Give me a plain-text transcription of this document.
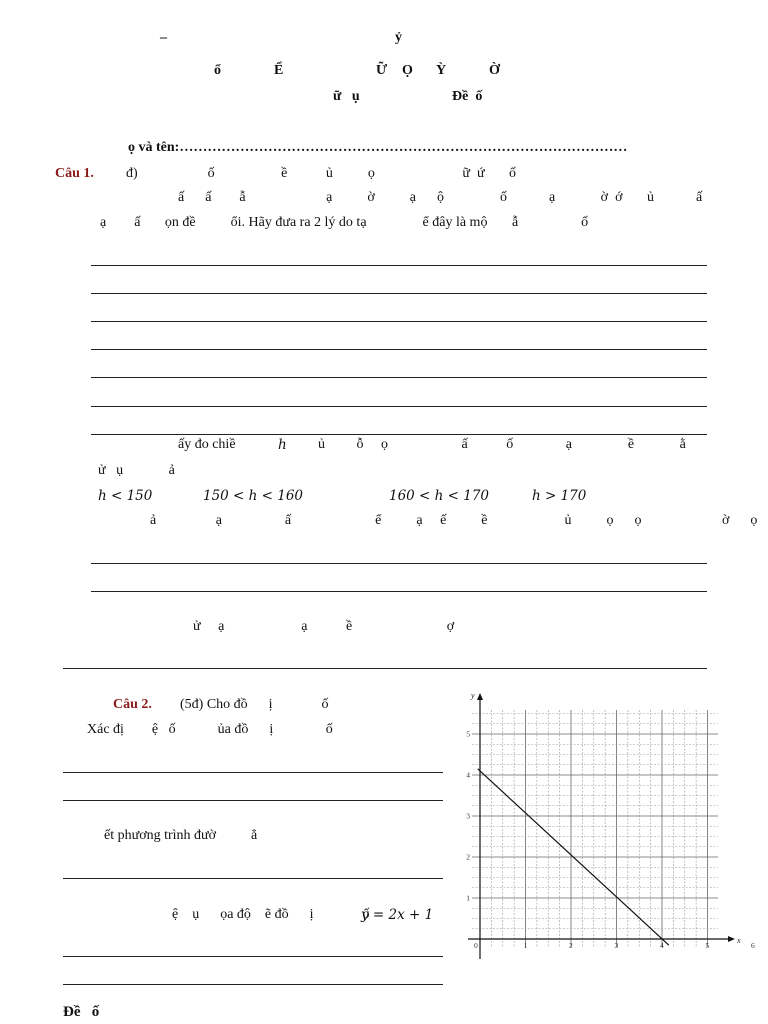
–	ỷ
ổ	Ể	Ữ Ọ Ỳ	Ờ
ữ   ụ	Đề  ố
ọ và tên:……………………………………………………………………………………
Câu 1. đ)                    ố                   ề           ủ          ọ                         ữ  ứ       ố
ấ      ấ        ẫ                       ạ          ờ          ạ      ộ                ố            ạ             ờ  ớ       ủ            ấ
ạ        ấ       ọn đề          ổi. Hãy đưa ra 2 lý do tạ                ể đây là mộ       ẫ                  ố
ấy đo chiề	h ủ         ỗ     ọ                     ấ           ố               ạ                ề             ằ
ử   ụ             ả
h < 150	150 < h < 160	160 < h < 170	h > 170
ả                 ạ                  ấ                        ể          ạ     ế          ề                      ủ          ọ      ọ                       ờ      ọ
ử     ạ                      ạ           ề                           ợ
Câu 2. (5đ) Cho đồ      ị              ố
Xác đị        ệ   ố            ủa đồ      ị               ố
ết phương trình đườ          ẳ
ệ    ụ      ọa độ    ẽ đồ      ị              ố
y = 2x + 1
Đề   ố
y
x
0	1	2	3	4	5	6
1
2
3
4
5
